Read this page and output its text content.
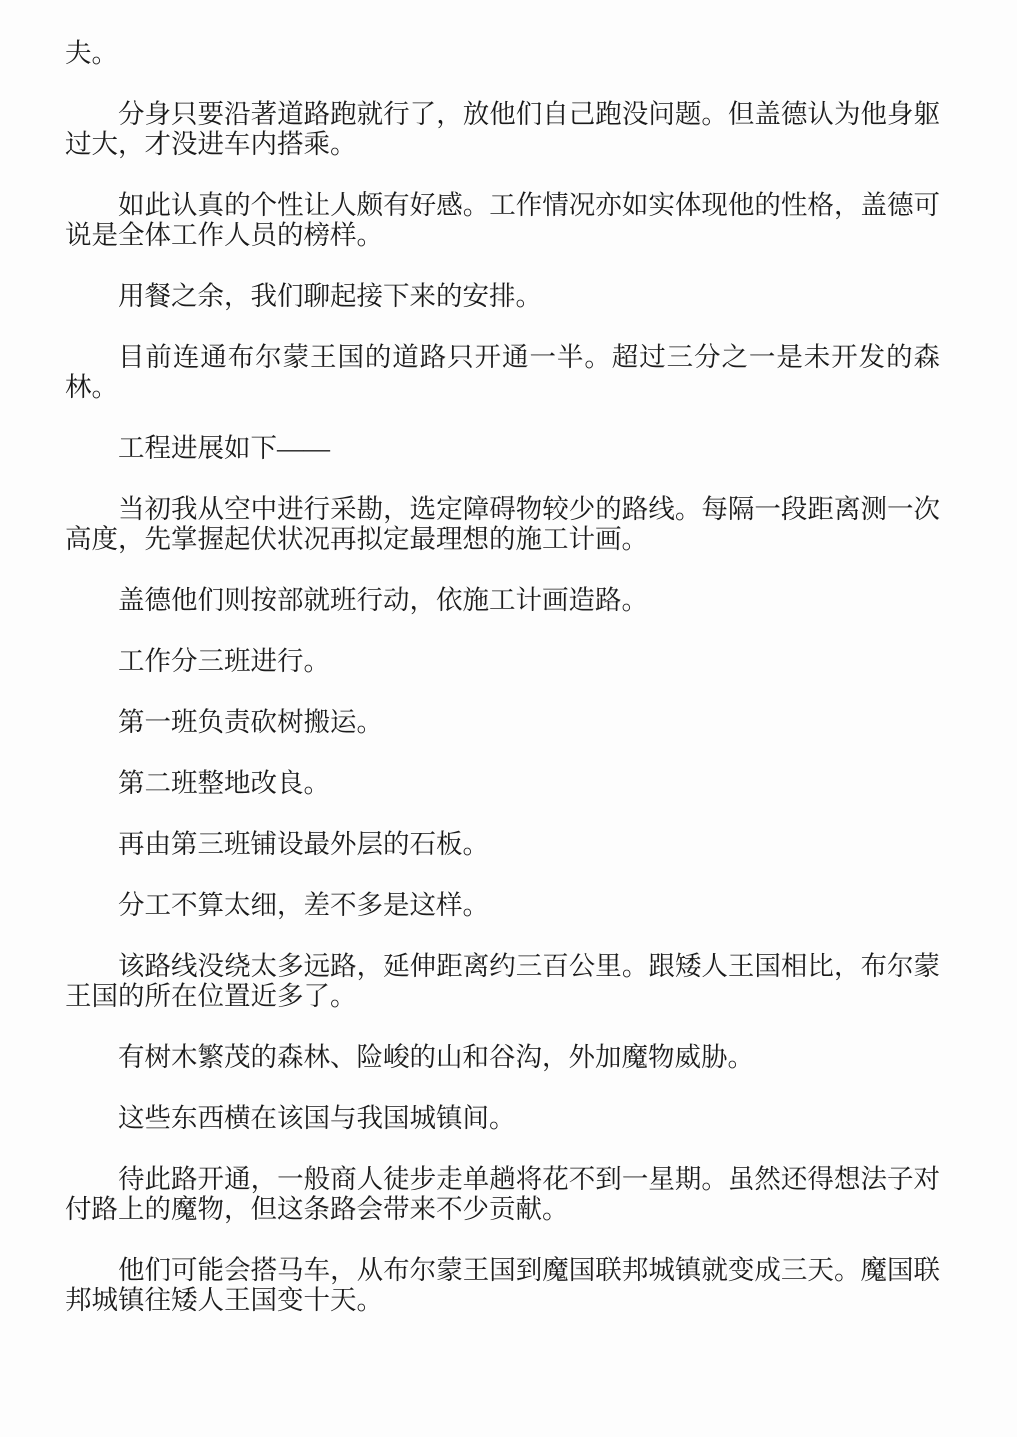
夫。

分身只要沿著道路跑就行了，放他们自己跑没问题。但盖德认为他身躯过大，才没进车内搭乘。

如此认真的个性让人颇有好感。工作情况亦如实体现他的性格，盖德可说是全体工作人员的榜样。

用餐之余，我们聊起接下来的安排。

目前连通布尔蒙王国的道路只开通一半。超过三分之一是未开发的森林。

工程进展如下——

当初我从空中进行采勘，选定障碍物较少的路线。每隔一段距离测一次高度，先掌握起伏状况再拟定最理想的施工计画。

盖德他们则按部就班行动，依施工计画造路。

工作分三班进行。

第一班负责砍树搬运。

第二班整地改良。

再由第三班铺设最外层的石板。

分工不算太细，差不多是这样。

该路线没绕太多远路，延伸距离约三百公里。跟矮人王国相比，布尔蒙王国的所在位置近多了。

有树木繁茂的森林、险峻的山和谷沟，外加魔物威胁。

这些东西横在该国与我国城镇间。

待此路开通，一般商人徒步走单趟将花不到一星期。虽然还得想法子对付路上的魔物，但这条路会带来不少贡献。

他们可能会搭马车，从布尔蒙王国到魔国联邦城镇就变成三天。魔国联邦城镇往矮人王国变十天。
